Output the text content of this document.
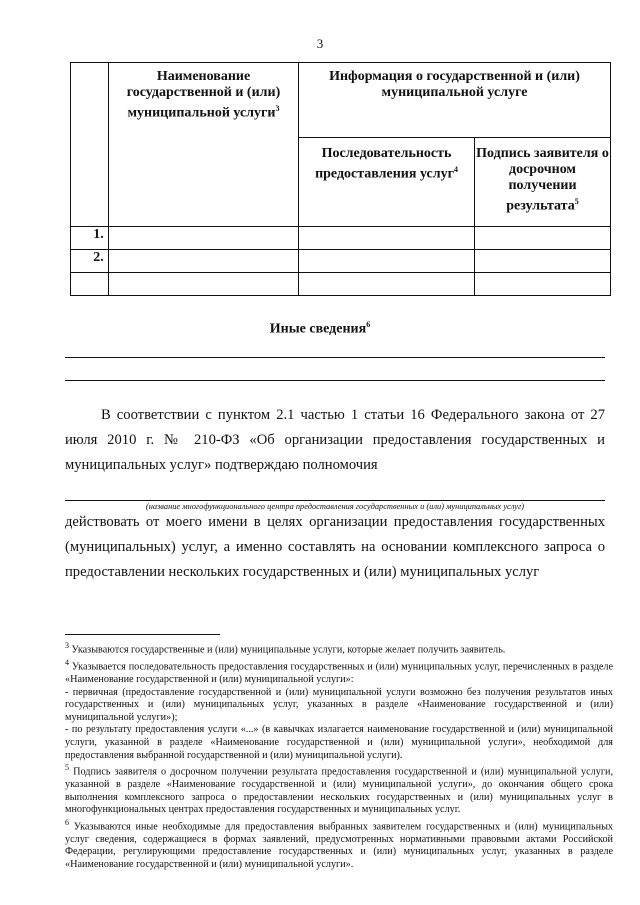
3
	Наименование государственной и (или) муниципальной услуги$^3$	Информация о государственной и (или) муниципальной услуге	
		Последовательность предоставления услуг$^4$	Подпись заявителя о досрочном получении результата$^5$
1.			
2.			

Иные сведения$^6$
В соответствии с пунктом 2.1 частью 1 статьи 16 Федерального закона от 27 июля 2010 г. № 210-ФЗ «Об организации предоставления государственных и муниципальных услуг» подтверждаю полномочия
(название многофункционального центра предоставления государственных и (или) муниципальных услуг)
действовать от моего имени в целях организации предоставления государственных (муниципальных) услуг, а именно составлять на основании комплексного запроса о предоставлении нескольких государственных и (или) муниципальных услуг

$^3$ Указываются государственные и (или) муниципальные услуги, которые желает получить заявитель.

$^4$ Указывается последовательность предоставления государственных и (или) муниципальных услуг, перечисленных в разделе «Наименование государственной и (или) муниципальной услуги»:

- первичная (предоставление государственной и (или) муниципальной услуги возможно без получения результатов иных государственных и (или) муниципальных услуг, указанных в разделе «Наименование государственной и (или) муниципальной услуги»);

- по результату предоставления услуги «...» (в кавычках излагается наименование государственной и (или) муниципальной услуги, указанной в разделе «Наименование государственной и (или) муниципальной услуги», необходимой для предоставления выбранной государственной и (или) муниципальной услуги).

$^5$ Подпись заявителя о досрочном получении результата предоставления государственной и (или) муниципальной услуги, указанной в разделе «Наименование государственной и (или) муниципальной услуги», до окончания общего срока выполнения комплексного запроса о предоставлении нескольких государственных и (или) муниципальных услуг в многофункциональных центрах предоставления государственных и муниципальных услуг.

$^6$ Указываются иные необходимые для предоставления выбранных заявителем государственных и (или) муниципальных услуг сведения, содержащиеся в формах заявлений, предусмотренных нормативными правовыми актами Российской Федерации, регулирующими предоставление государственных и (или) муниципальных услуг, указанных в разделе «Наименование государственной и (или) муниципальной услуги».
